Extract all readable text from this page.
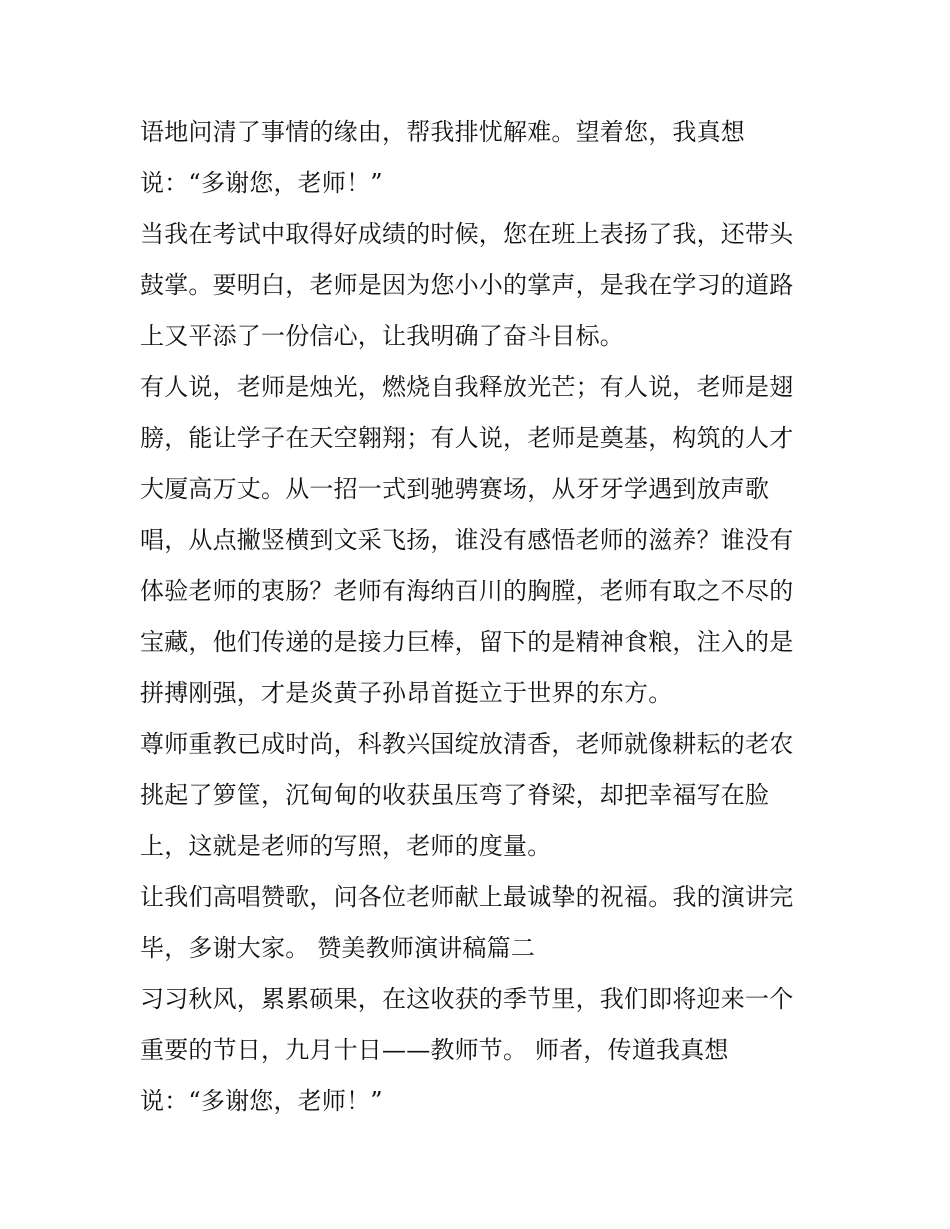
语地问清了事情的缘由，帮我排忧解难。望着您，我真想
说：“多谢您，老师！”
当我在考试中取得好成绩的时候，您在班上表扬了我，还带头
鼓掌。要明白，老师是因为您小小的掌声，是我在学习的道路
上又平添了一份信心，让我明确了奋斗目标。
有人说，老师是烛光，燃烧自我释放光芒；有人说，老师是翅
膀，能让学子在天空翱翔；有人说，老师是奠基，构筑的人才
大厦高万丈。从一招一式到驰骋赛场，从牙牙学遇到放声歌
唱，从点撇竖横到文采飞扬，谁没有感悟老师的滋养？谁没有
体验老师的衷肠？老师有海纳百川的胸膛，老师有取之不尽的
宝藏，他们传递的是接力巨棒，留下的是精神食粮，注入的是
拼搏刚强，才是炎黄子孙昂首挺立于世界的东方。
尊师重教已成时尚，科教兴国绽放清香，老师就像耕耘的老农
挑起了箩筐，沉甸甸的收获虽压弯了脊梁，却把幸福写在脸
上，这就是老师的写照，老师的度量。
让我们高唱赞歌，问各位老师献上最诚挚的祝福。我的演讲完
毕，多谢大家。 赞美教师演讲稿篇二
习习秋风，累累硕果，在这收获的季节里，我们即将迎来一个
重要的节日，九月十日——教师节。 师者，传道我真想
说：“多谢您，老师！”
